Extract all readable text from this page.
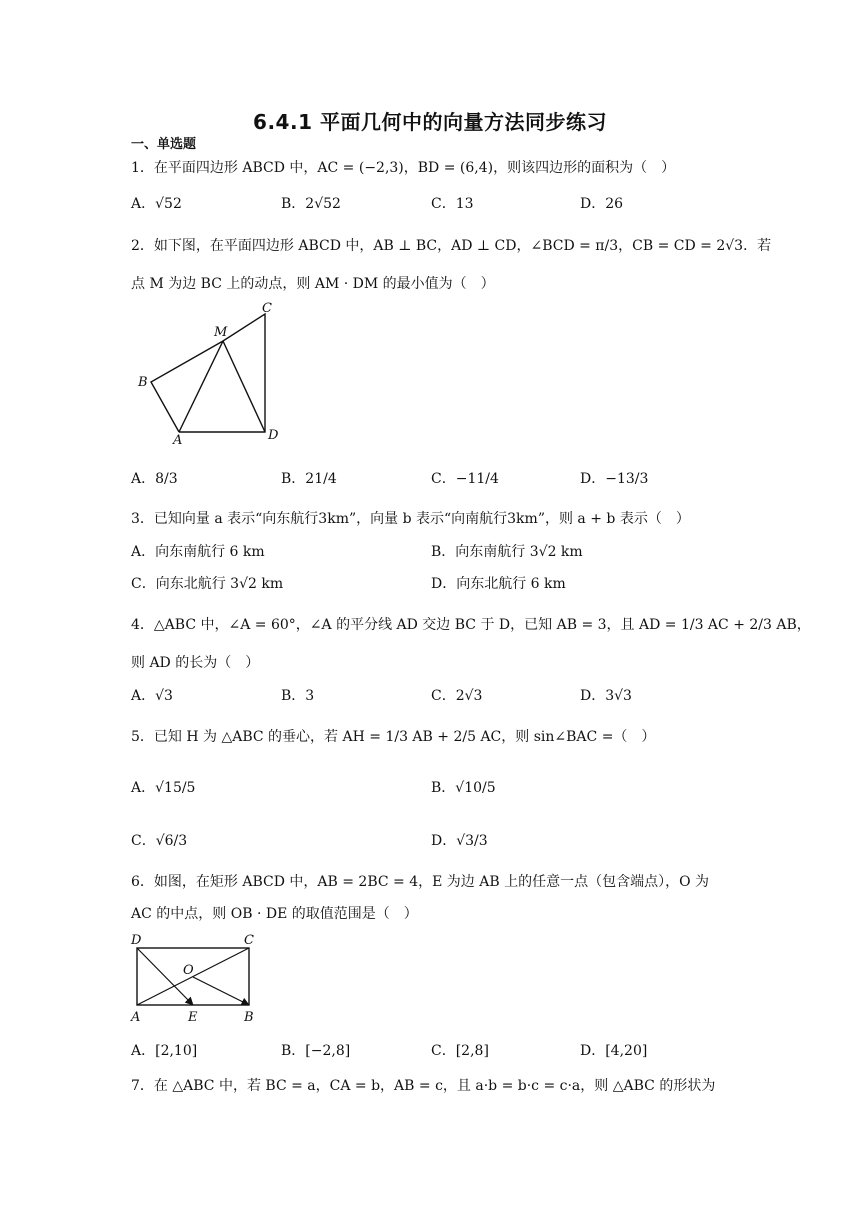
6.4.1 平面几何中的向量方法同步练习
一、单选题
1．在平面四边形 ABCD 中，AC = (−2,3)，BD = (6,4)，则该四边形的面积为（　）
A．√52	B．2√52	C．13	D．26
2．如下图，在平面四边形 ABCD 中，AB ⊥ BC，AD ⊥ CD，∠BCD = π/3，CB = CD = 2√3．若
点 M 为边 BC 上的动点，则 AM · DM 的最小值为（　）
A
B
C
D
M
A．8/3	B．21/4	C．−11/4	D．−13/3
3．已知向量 a 表示“向东航行3km”，向量 b 表示“向南航行3km”，则 a + b 表示（　）
A．向东南航行 6 km	B．向东南航行 3√2 km
C．向东北航行 3√2 km	D．向东北航行 6 km
4．△ABC 中，∠A = 60°，∠A 的平分线 AD 交边 BC 于 D，已知 AB = 3，且 AD = 1/3 AC + 2/3 AB，
则 AD 的长为（　）
A．√3	B．3	C．2√3	D．3√3
5．已知 H 为 △ABC 的垂心，若 AH = 1/3 AB + 2/5 AC，则 sin∠BAC =（　）
A．√15/5	B．√10/5
C．√6/3	D．√3/3
6．如图，在矩形 ABCD 中，AB = 2BC = 4，E 为边 AB 上的任意一点（包含端点），O 为
AC 的中点，则 OB · DE 的取值范围是（　）
D	C
A	B
E
O
A．[2,10]	B．[−2,8]	C．[2,8]	D．[4,20]
7．在 △ABC 中，若 BC = a，CA = b，AB = c，且 a·b = b·c = c·a，则 △ABC 的形状为
